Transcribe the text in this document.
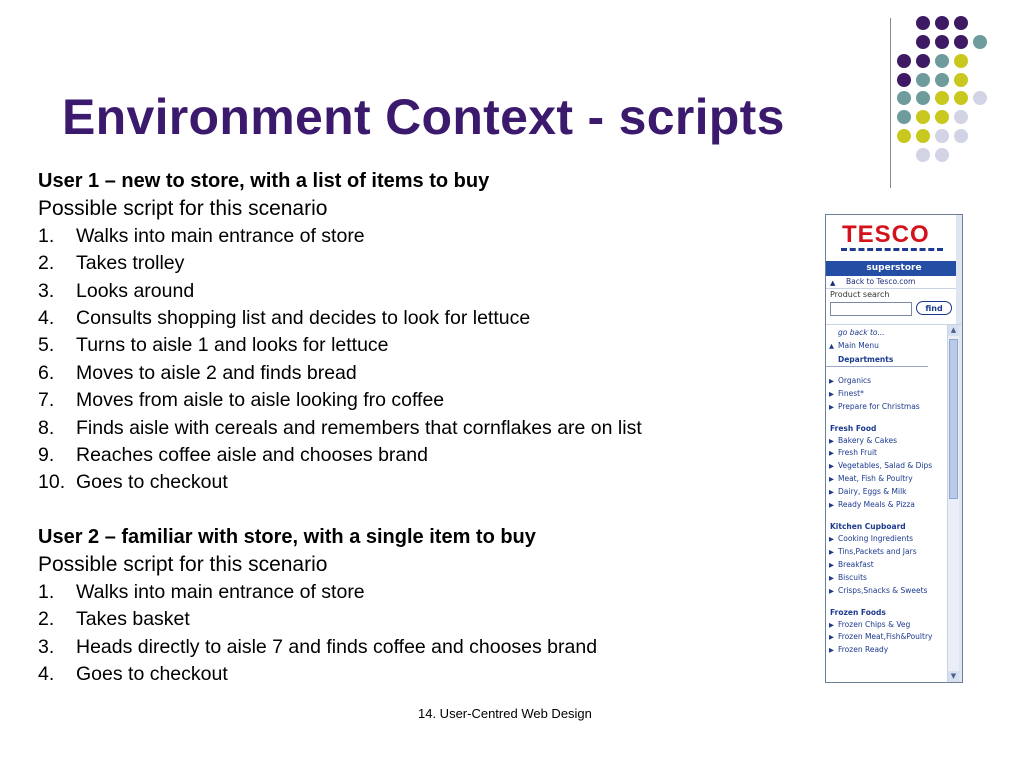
Environment Context - scripts

User 1 – new to store, with a list of items to buy

Possible script for this scenario

1.	Walks into main entrance of store
2.	Takes trolley
3.	Looks around
4.	Consults shopping list and decides to look for lettuce
5.	Turns to aisle 1 and looks for lettuce
6.	Moves to aisle 2 and finds bread
7.	Moves from aisle to aisle looking fro coffee
8.	Finds aisle with cereals and remembers that cornflakes are on list
9.	Reaches coffee aisle and chooses brand
10. Goes to checkout

User 2 – familiar with store, with a single item to buy

Possible script for this scenario

1.	Walks into main entrance of store
2.	Takes basket
3.	Heads directly to aisle 7 and finds coffee and chooses brand
4.	Goes to checkout
TESCO
superstore
▲ Back to Tesco.com
Product search
find
go back to...
▲ Main Menu
Departments
▶ Organics
▶ Finest*
▶ Prepare for Christmas
Fresh Food
▶ Bakery & Cakes
▶ Fresh Fruit
▶ Vegetables, Salad & Dips
▶ Meat, Fish & Poultry
▶ Dairy, Eggs & Milk
▶ Ready Meals & Pizza
Kitchen Cupboard
▶ Cooking Ingredients
▶ Tins,Packets and Jars
▶ Breakfast
▶ Biscuits
▶ Crisps,Snacks & Sweets
Frozen Foods
▶ Frozen Chips & Veg
▶ Frozen Meat,Fish&Poultry
▶ Frozen Ready
▲
▼
14. User-Centred Web Design
